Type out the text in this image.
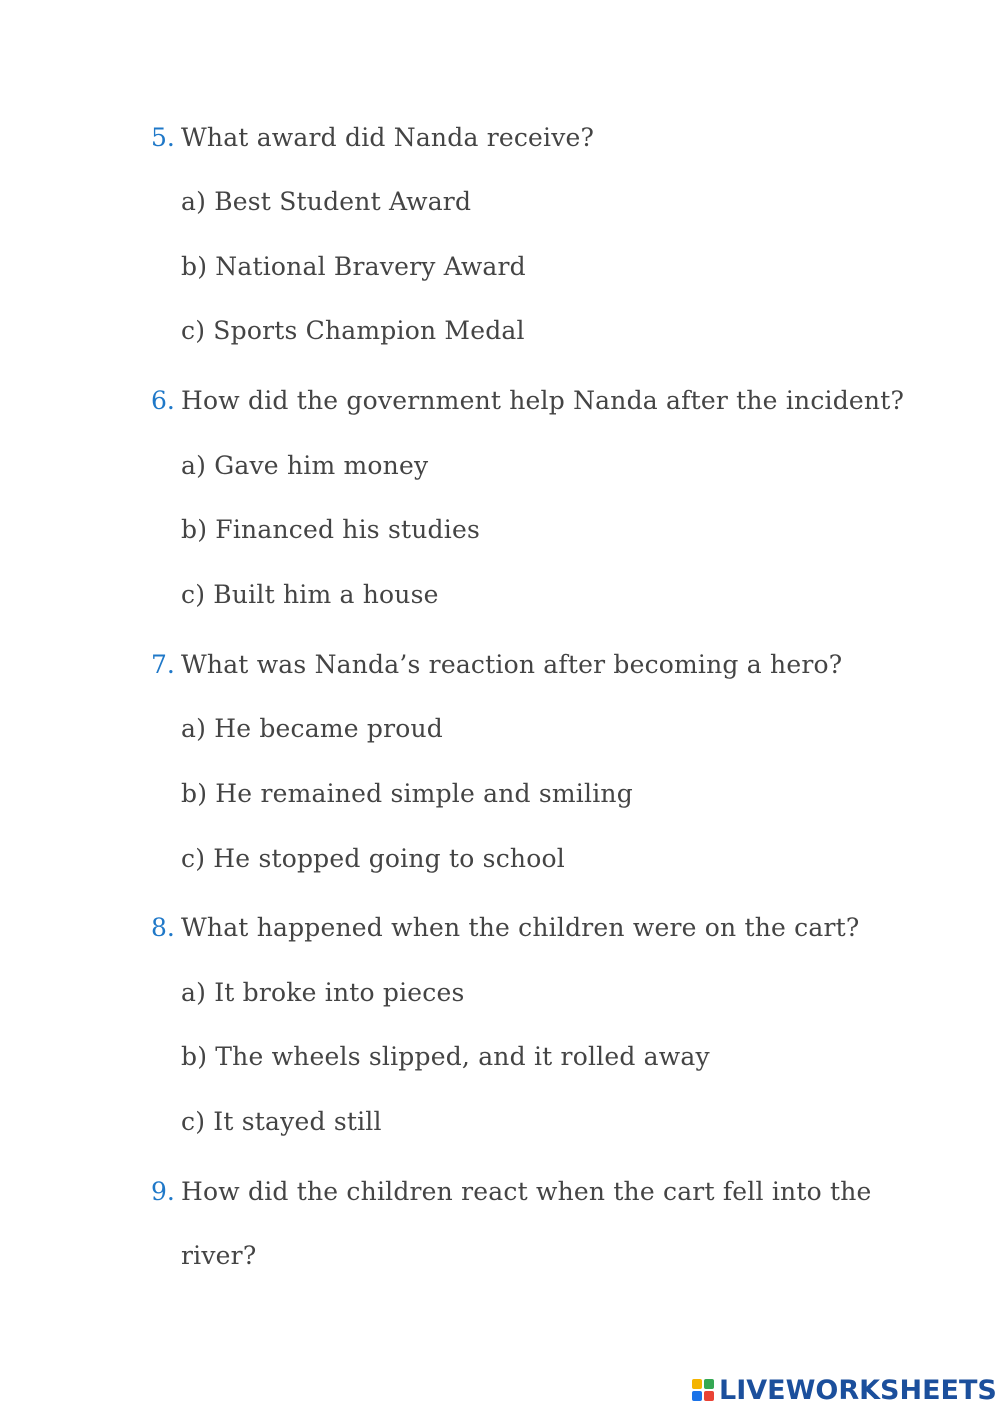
5. What award did Nanda receive?
a) Best Student Award
b) National Bravery Award
c) Sports Champion Medal
6. How did the government help Nanda after the incident?
a) Gave him money
b) Financed his studies
c) Built him a house
7. What was Nanda’s reaction after becoming a hero?
a) He became proud
b) He remained simple and smiling
c) He stopped going to school
8. What happened when the children were on the cart?
a) It broke into pieces
b) The wheels slipped, and it rolled away
c) It stayed still
9. How did the children react when the cart fell into the
river?
LIVEWORKSHEETS
